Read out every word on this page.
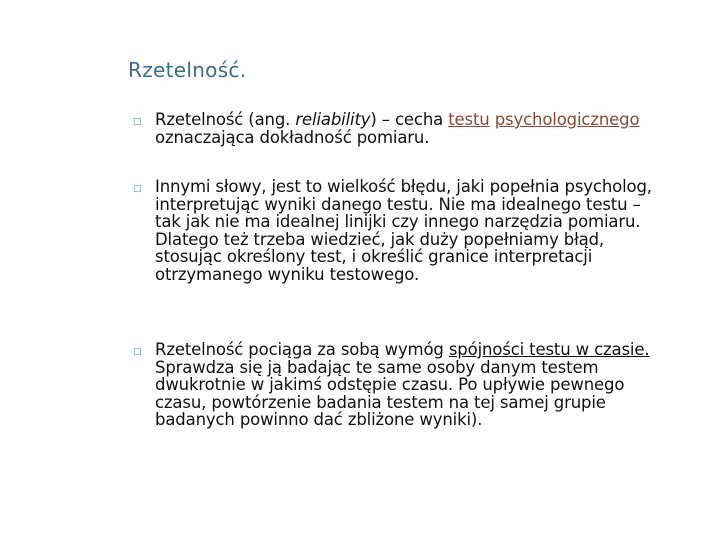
Rzetelność.
□ Rzetelność (ang. reliability) – cecha testu psychologicznego oznaczająca dokładność pomiaru.
□ Innymi słowy, jest to wielkość błędu, jaki popełnia psycholog, interpretując wyniki danego testu. Nie ma idealnego testu – tak jak nie ma idealnej linijki czy innego narzędzia pomiaru. Dlatego też trzeba wiedzieć, jak duży popełniamy błąd, stosując określony test, i określić granice interpretacji otrzymanego wyniku testowego.
□ Rzetelność pociąga za sobą wymóg spójności testu w czasie. Sprawdza się ją badając te same osoby danym testem dwukrotnie w jakimś odstępie czasu. Po upływie pewnego czasu, powtórzenie badania testem na tej samej grupie badanych powinno dać zbliżone wyniki).
